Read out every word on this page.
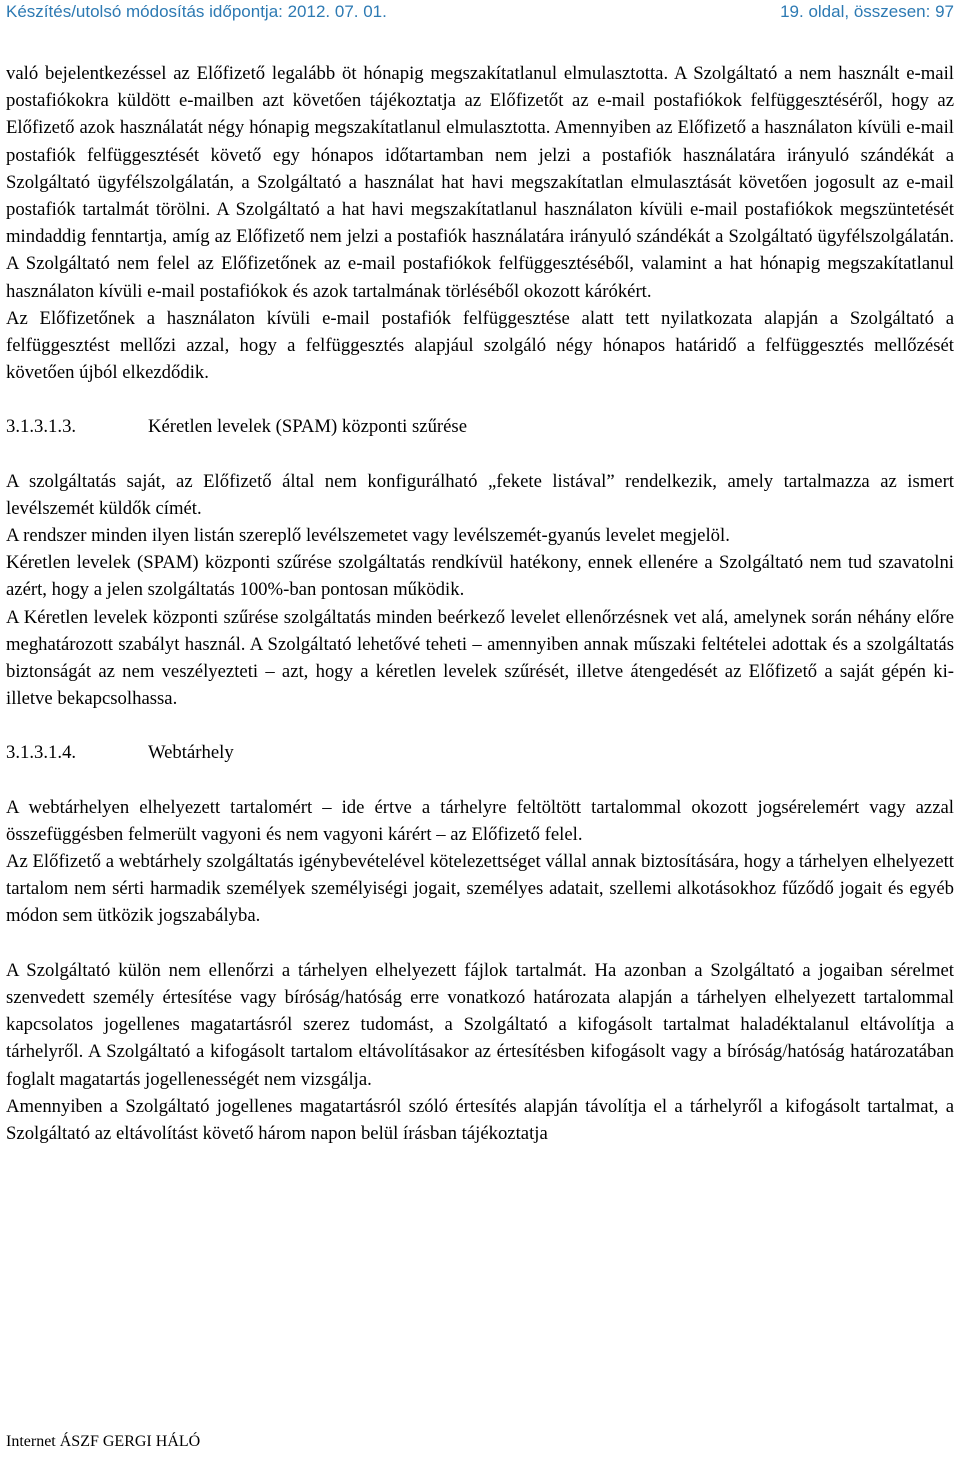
Készítés/utolsó módosítás időpontja: 2012. 07. 01.	19. oldal, összesen: 97

való bejelentkezéssel az Előfizető legalább öt hónapig megszakítatlanul elmulasztotta. A Szolgáltató a nem használt e-mail postafiókokra küldött e-mailben azt követően tájékoztatja az Előfizetőt az e-mail postafiókok felfüggesztéséről, hogy az Előfizető azok használatát négy hónapig megszakítatlanul elmulasztotta. Amennyiben az Előfizető a használaton kívüli e-mail postafiók felfüggesztését követő egy hónapos időtartamban nem jelzi a postafiók használatára irányuló szándékát a Szolgáltató ügyfélszolgálatán, a Szolgáltató a használat hat havi megszakítatlan elmulasztását követően jogosult az e-mail postafiók tartalmát törölni. A Szolgáltató a hat havi megszakítatlanul használaton kívüli e-mail postafiókok megszüntetését mindaddig fenntartja, amíg az Előfizető nem jelzi a postafiók használatára irányuló szándékát a Szolgáltató ügyfélszolgálatán. A Szolgáltató nem felel az Előfizetőnek az e-mail postafiókok felfüggesztéséből, valamint a hat hónapig megszakítatlanul használaton kívüli e-mail postafiókok és azok tartalmának törléséből okozott kárókért.

Az Előfizetőnek a használaton kívüli e-mail postafiók felfüggesztése alatt tett nyilatkozata alapján a Szolgáltató a felfüggesztést mellőzi azzal, hogy a felfüggesztés alapjául szolgáló négy hónapos határidő a felfüggesztés mellőzését követően újból elkezdődik.

3.1.3.1.3.	Kéretlen levelek (SPAM) központi szűrése

A szolgáltatás saját, az Előfizető által nem konfigurálható „fekete listával” rendelkezik, amely tartalmazza az ismert levélszemét küldők címét.

A rendszer minden ilyen listán szereplő levélszemetet vagy levélszemét-gyanús levelet megjelöl.

Kéretlen levelek (SPAM) központi szűrése szolgáltatás rendkívül hatékony, ennek ellenére a Szolgáltató nem tud szavatolni azért, hogy a jelen szolgáltatás 100%-ban pontosan működik.

A Kéretlen levelek központi szűrése szolgáltatás minden beérkező levelet ellenőrzésnek vet alá, amelynek során néhány előre meghatározott szabályt használ. A Szolgáltató lehetővé teheti – amennyiben annak műszaki feltételei adottak és a szolgáltatás biztonságát az nem veszélyezteti – azt, hogy a kéretlen levelek szűrését, illetve átengedését az Előfizető a saját gépén ki- illetve bekapcsolhassa.

3.1.3.1.4.	Webtárhely

A webtárhelyen elhelyezett tartalomért – ide értve a tárhelyre feltöltött tartalommal okozott jogsérelemért vagy azzal összefüggésben felmerült vagyoni és nem vagyoni kárért – az Előfizető felel.

Az Előfizető a webtárhely szolgáltatás igénybevételével kötelezettséget vállal annak biztosítására, hogy a tárhelyen elhelyezett tartalom nem sérti harmadik személyek személyiségi jogait, személyes adatait, szellemi alkotásokhoz fűződő jogait és egyéb módon sem ütközik jogszabályba.

A Szolgáltató külön nem ellenőrzi a tárhelyen elhelyezett fájlok tartalmát. Ha azonban a Szolgáltató a jogaiban sérelmet szenvedett személy értesítése vagy bíróság/hatóság erre vonatkozó határozata alapján a tárhelyen elhelyezett tartalommal kapcsolatos jogellenes magatartásról szerez tudomást, a Szolgáltató a kifogásolt tartalmat haladéktalanul eltávolítja a tárhelyről. A Szolgáltató a kifogásolt tartalom eltávolításakor az értesítésben kifogásolt vagy a bíróság/hatóság határozatában foglalt magatartás jogellenességét nem vizsgálja.

Amennyiben a Szolgáltató jogellenes magatartásról szóló értesítés alapján távolítja el a tárhelyről a kifogásolt tartalmat, a Szolgáltató az eltávolítást követő három napon belül írásban tájékoztatja

Internet ÁSZF GERGI HÁLÓ
